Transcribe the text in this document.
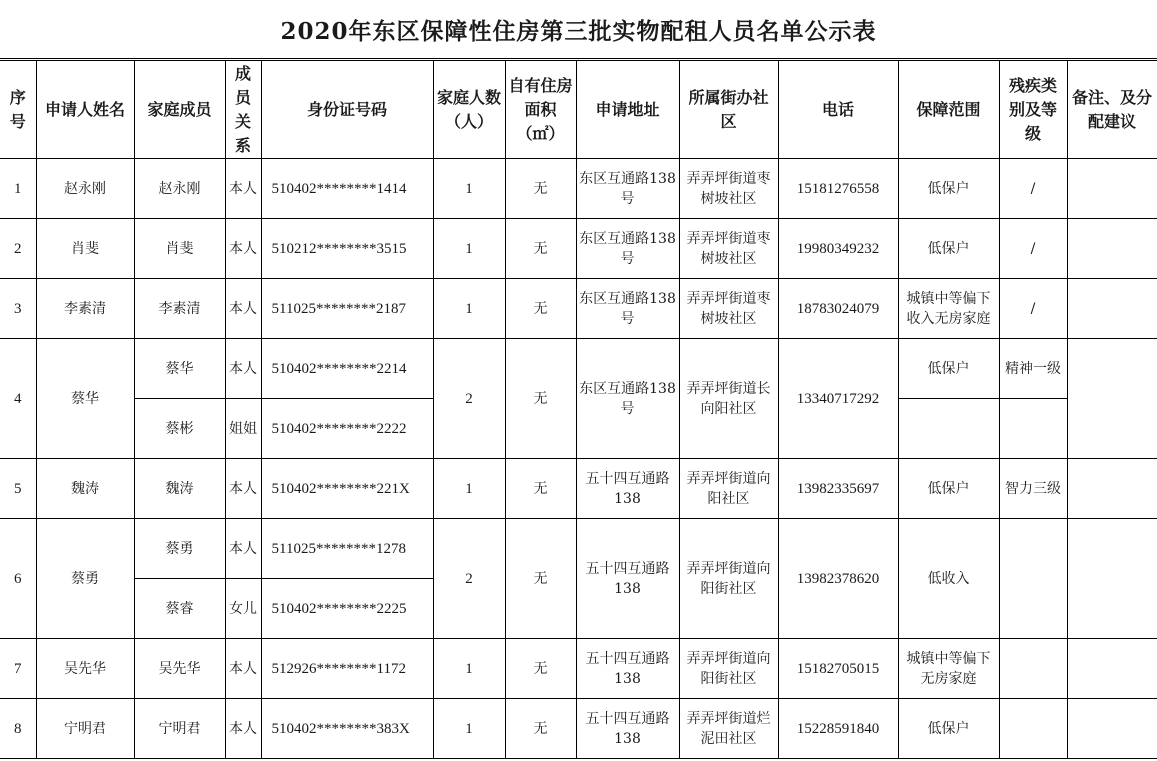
2020年东区保障性住房第三批实物配租人员名单公示表
序号	申请人姓名	家庭成员	成员关系	身份证号码	家庭人数（人）	自有住房面积（㎡）	申请地址	所属街办社区	电话	保障范围	残疾类别及等级	备注、及分配建议
1	赵永刚	赵永刚	本人	510402********1414	1	无	东区互通路138号	弄弄坪街道枣树坡社区	15181276558	低保户	/	
2	肖斐	肖斐	本人	510212********3515	1	无	东区互通路138号	弄弄坪街道枣树坡社区	19980349232	低保户	/	
3	李素清	李素清	本人	511025********2187	1	无	东区互通路138号	弄弄坪街道枣树坡社区	18783024079	城镇中等偏下收入无房家庭	/	
4	蔡华	蔡华	本人	510402********2214	2	无	东区互通路138号	弄弄坪街道长向阳社区	13340717292	低保户	精神一级	
		蔡彬	姐姐	510402********2222								
5	魏涛	魏涛	本人	510402********221X	1	无	五十四互通路138	弄弄坪街道向阳社区	13982335697	低保户	智力三级	
6	蔡勇	蔡勇	本人	511025********1278	2	无	五十四互通路138	弄弄坪街道向阳街社区	13982378620	低收入		
		蔡睿	女儿	510402********2225								
7	吴先华	吴先华	本人	512926********1172	1	无	五十四互通路138	弄弄坪街道向阳街社区	15182705015	城镇中等偏下无房家庭		
8	宁明君	宁明君	本人	510402********383X	1	无	五十四互通路138	弄弄坪街道烂泥田社区	15228591840	低保户		
